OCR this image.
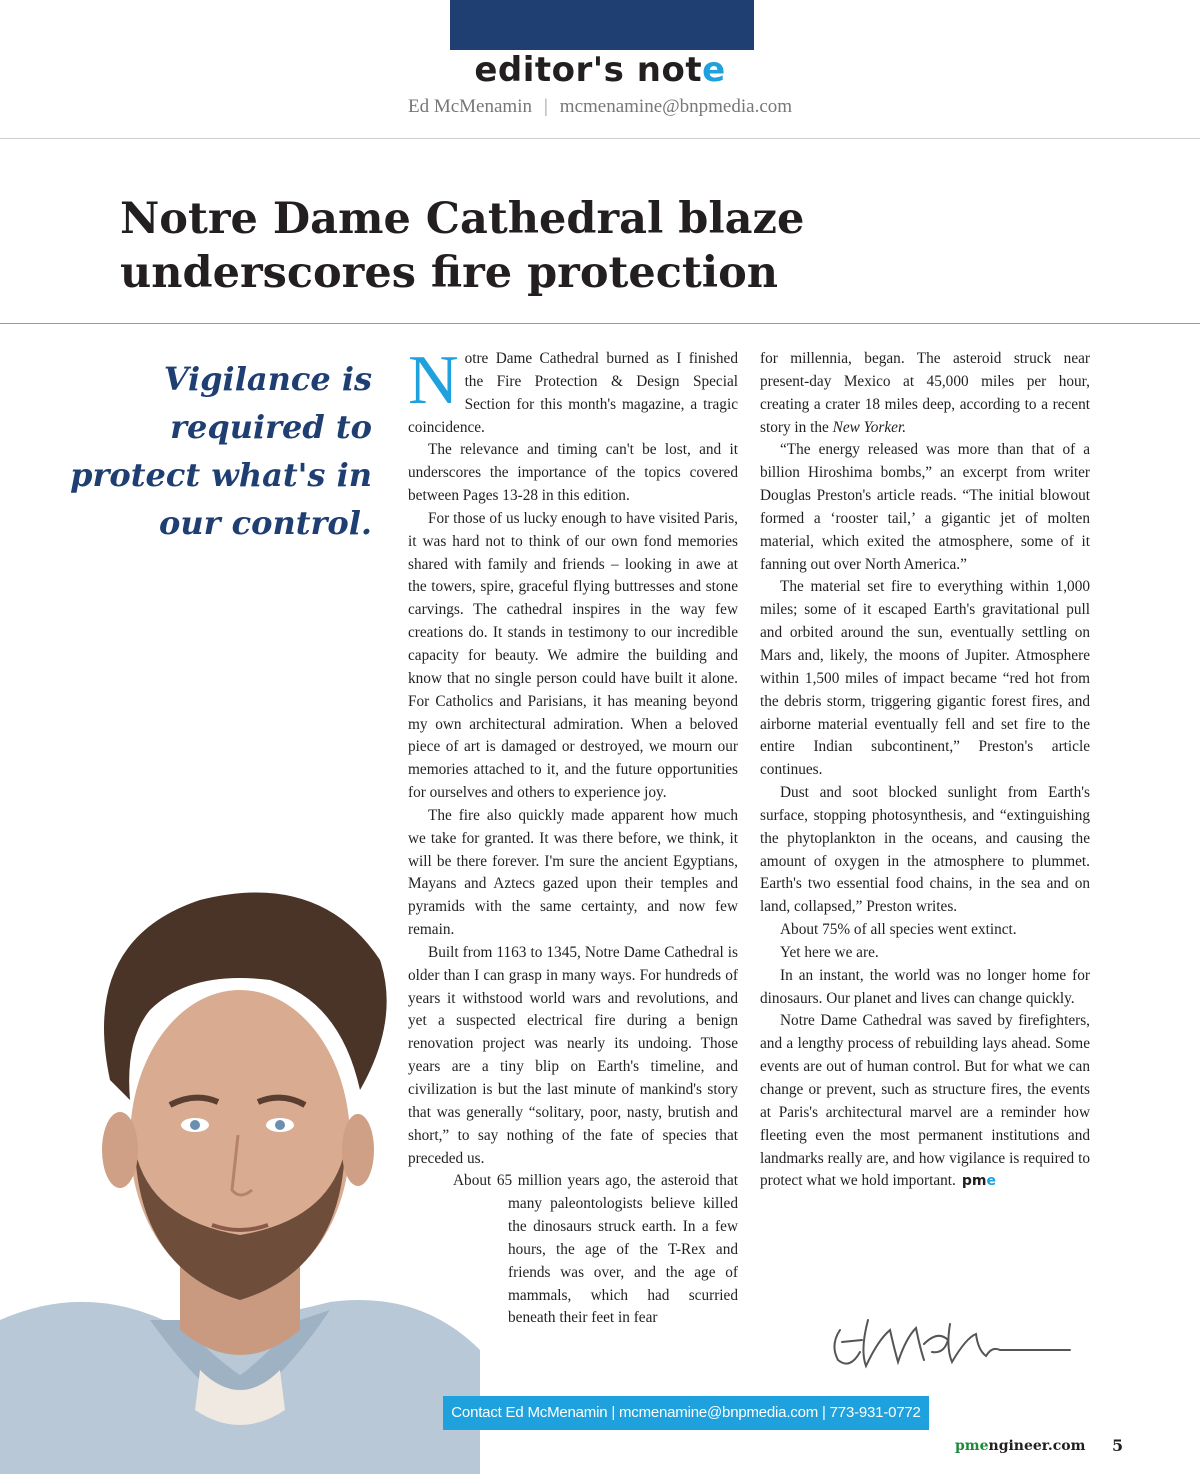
editor's note
Ed McMenamin | mcmenamine@bnpmedia.com
Notre Dame Cathedral blaze underscores fire protection
Vigilance is required to protect what's in our control.
N otre Dame Cathedral burned as I finished the Fire Protection & Design Special Section for this month's magazine, a tragic coincidence.

The relevance and timing can't be lost, and it underscores the importance of the topics covered between Pages 13-28 in this edition.

For those of us lucky enough to have visited Paris, it was hard not to think of our own fond memories shared with family and friends – looking in awe at the towers, spire, graceful flying buttresses and stone carvings. The cathedral inspires in the way few creations do. It stands in testimony to our incredible capacity for beauty. We admire the building and know that no single person could have built it alone. For Catholics and Parisians, it has meaning beyond my own architectural admiration. When a beloved piece of art is damaged or destroyed, we mourn our memories attached to it, and the future opportunities for ourselves and others to experience joy.

The fire also quickly made apparent how much we take for granted. It was there before, we think, it will be there forever. I'm sure the ancient Egyptians, Mayans and Aztecs gazed upon their temples and pyramids with the same certainty, and now few remain.

Built from 1163 to 1345, Notre Dame Cathedral is older than I can grasp in many ways. For hundreds of years it withstood world wars and revolutions, and yet a suspected electrical fire during a benign renovation project was nearly its undoing. Those years are a tiny blip on Earth's timeline, and civilization is but the last minute of mankind's story that was generally “solitary, poor, nasty, brutish and short,” to say nothing of the fate of species that preceded us.

About 65 million years ago, the asteroid that many paleontologists believe killed the dinosaurs struck earth. In a few hours, the age of the T-Rex and friends was over, and the age of mammals, which had scurried beneath their feet in fear

for millennia, began. The asteroid struck near present-day Mexico at 45,000 miles per hour, creating a crater 18 miles deep, according to a recent story in the New Yorker.

“The energy released was more than that of a billion Hiroshima bombs,” an excerpt from writer Douglas Preston's article reads. “The initial blowout formed a ‘rooster tail,’ a gigantic jet of molten material, which exited the atmosphere, some of it fanning out over North America.”

The material set fire to everything within 1,000 miles; some of it escaped Earth's gravitational pull and orbited around the sun, eventually settling on Mars and, likely, the moons of Jupiter. Atmosphere within 1,500 miles of impact became “red hot from the debris storm, triggering gigantic forest fires, and airborne material eventually fell and set fire to the entire Indian subcontinent,” Preston's article continues.

Dust and soot blocked sunlight from Earth's surface, stopping photosynthesis, and “extinguishing the phytoplankton in the oceans, and causing the amount of oxygen in the atmosphere to plummet. Earth's two essential food chains, in the sea and on land, collapsed,” Preston writes.

About 75% of all species went extinct.

Yet here we are.

In an instant, the world was no longer home for dinosaurs. Our planet and lives can change quickly.

Notre Dame Cathedral was saved by firefighters, and a lengthy process of rebuilding lays ahead. Some events are out of human control. But for what we can change or prevent, such as structure fires, the events at Paris's architectural marvel are a reminder how fleeting even the most permanent institutions and landmarks really are, and how vigilance is required to protect what we hold important. pme

Contact Ed McMenamin | mcmenamine@bnpmedia.com | 773-931-0772
pmengineer.com 5
